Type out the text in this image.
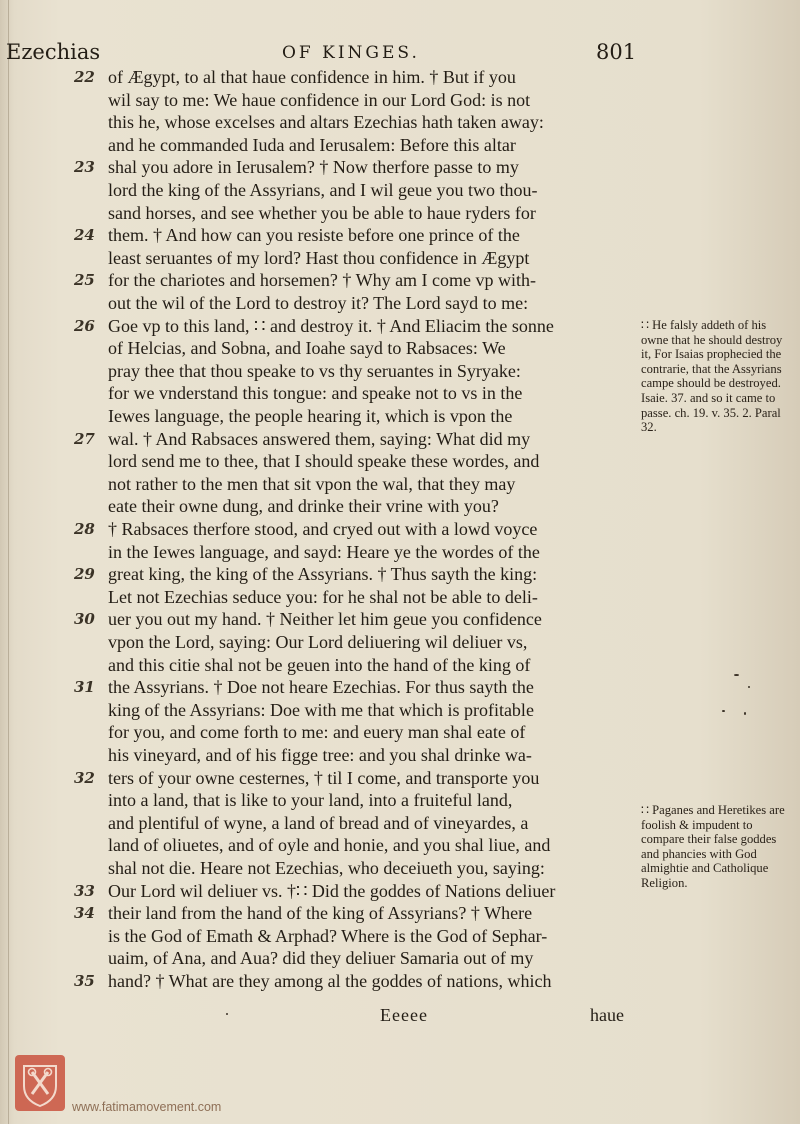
Ezechias	OF KINGES.	801
22 of Ægypt, to al that haue confidence in him. † But if you
wil say to me: We haue confidence in our Lord God: is not
this he, whose excelses and altars Ezechias hath taken away:
and he commanded Iuda and Ierusalem: Before this altar
23 shal you adore in Ierusalem? † Now therfore passe to my
lord the king of the Assyrians, and I wil geue you two thou-
sand horses, and see whether you be able to haue ryders for
24 them. † And how can you resiste before one prince of the
least seruantes of my lord? Hast thou confidence in Ægypt
25 for the chariotes and horsemen? † Why am I come vp with-
out the wil of the Lord to destroy it? The Lord sayd to me:
26 Goe vp to this land, ∷ and destroy it. † And Eliacim the sonne
of Helcias, and Sobna, and Ioahe sayd to Rabsaces: We
pray thee that thou speake to vs thy seruantes in Syryake:
for we vnderstand this tongue: and speake not to vs in the
Iewes language, the people hearing it, which is vpon the
27 wal. † And Rabsaces answered them, saying: What did my
lord send me to thee, that I should speake these wordes, and
not rather to the men that sit vpon the wal, that they may
eate their owne dung, and drinke their vrine with you?
28 † Rabsaces therfore stood, and cryed out with a lowd voyce
in the Iewes language, and sayd: Heare ye the wordes of the
29 great king, the king of the Assyrians. † Thus sayth the king:
Let not Ezechias seduce you: for he shal not be able to deli-
30 uer you out my hand. † Neither let him geue you confidence
vpon the Lord, saying: Our Lord deliuering wil deliuer vs,
and this citie shal not be geuen into the hand of the king of
31 the Assyrians. † Doe not heare Ezechias. For thus sayth the
king of the Assyrians: Doe with me that which is profitable
for you, and come forth to me: and euery man shal eate of
his vineyard, and of his figge tree: and you shal drinke wa-
32 ters of your owne cesternes, † til I come, and transporte you
into a land, that is like to your land, into a fruiteful land,
and plentiful of wyne, a land of bread and of vineyardes, a
land of oliuetes, and of oyle and honie, and you shal liue, and
shal not die. Heare not Ezechias, who deceiueth you, saying:
33 Our Lord wil deliuer vs. †∷ Did the goddes of Nations deliuer
34 their land from the hand of the king of Assyrians? † Where
is the God of Emath & Arphad? Where is the God of Sephar-
uaim, of Ana, and Aua? did they deliuer Samaria out of my
35 hand? † What are they among al the goddes of nations, which
∷ He falsly addeth of his owne that he should destroy it, For Isaias prophecied the contrarie, that the Assyrians campe should be destroyed. Isaie. 37. and so it came to passe. ch. 19. v. 35. 2. Paral 32.
∷ Paganes and Heretikes are foolish & impudent to compare their false goddes and phancies with God almightie and Catholique Religion.
Eeeee	haue
www.fatimamovement.com
